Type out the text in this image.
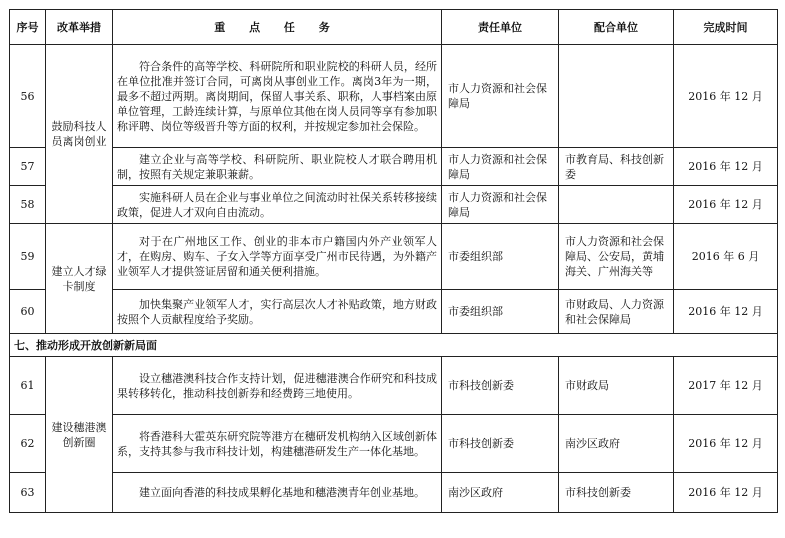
序号	改革举措	重 点 任 务	责任单位	配合单位	完成时间
56	鼓励科技人员离岗创业	符合条件的高等学校、科研院所和职业院校的科研人员，经所在单位批准并签订合同，可离岗从事创业工作。离岗3年为一期，最多不超过两期。离岗期间，保留人事关系、职称，人事档案由原单位管理，工龄连续计算，与原单位其他在岗人员同等享有参加职称评聘、岗位等级晋升等方面的权利，并按规定参加社会保险。	市人力资源和社会保障局		2016 年 12 月
57		建立企业与高等学校、科研院所、职业院校人才联合聘用机制，按照有关规定兼职兼薪。	市人力资源和社会保障局	市教育局、科技创新委	2016 年 12 月
58		实施科研人员在企业与事业单位之间流动时社保关系转移接续政策，促进人才双向自由流动。	市人力资源和社会保障局		2016 年 12 月
59	建立人才绿卡制度	对于在广州地区工作、创业的非本市户籍国内外产业领军人才，在购房、购车、子女入学等方面享受广州市民待遇，为外籍产业领军人才提供签证居留和通关便利措施。	市委组织部	市人力资源和社会保障局、公安局，黄埔海关、广州海关等	2016 年 6 月
60		加快集聚产业领军人才，实行高层次人才补贴政策，地方财政按照个人贡献程度给予奖励。	市委组织部	市财政局、人力资源和社会保障局	2016 年 12 月
七、推动形成开放创新新局面					
61	建设穗港澳创新圈	设立穗港澳科技合作支持计划，促进穗港澳合作研究和科技成果转移转化，推动科技创新券和经费跨三地使用。	市科技创新委	市财政局	2017 年 12 月
62		将香港科大霍英东研究院等港方在穗研发机构纳入区域创新体系，支持其参与我市科技计划，构建穗港研发生产一体化基地。	市科技创新委	南沙区政府	2016 年 12 月
63		建立面向香港的科技成果孵化基地和穗港澳青年创业基地。	南沙区政府	市科技创新委	2016 年 12 月
